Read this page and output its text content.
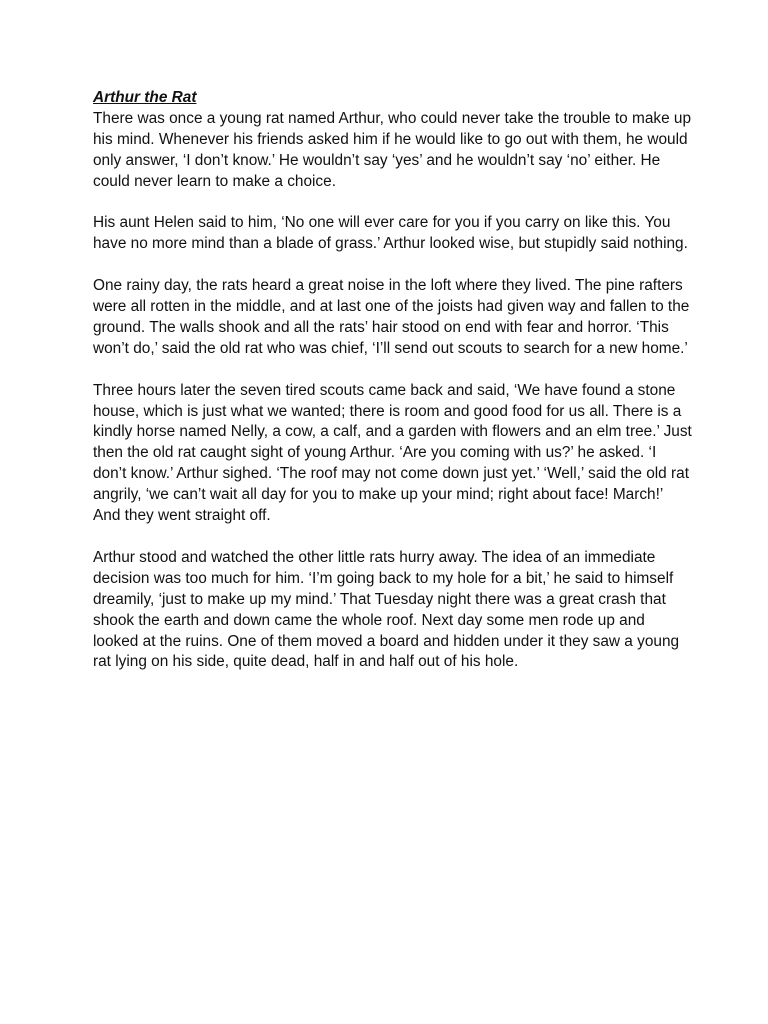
Arthur the Rat

There was once a young rat named Arthur, who could never take the trouble to make up his mind. Whenever his friends asked him if he would like to go out with them, he would only answer, ‘I don’t know.’ He wouldn’t say ‘yes’ and he wouldn’t say ‘no’ either. He could never learn to make a choice.

His aunt Helen said to him, ‘No one will ever care for you if you carry on like this. You have no more mind than a blade of grass.’ Arthur looked wise, but stupidly said nothing.

One rainy day, the rats heard a great noise in the loft where they lived. The pine rafters were all rotten in the middle, and at last one of the joists had given way and fallen to the ground. The walls shook and all the rats’ hair stood on end with fear and horror. ‘This won’t do,’ said the old rat who was chief, ‘I’ll send out scouts to search for a new home.’

Three hours later the seven tired scouts came back and said, ‘We have found a stone house, which is just what we wanted; there is room and good food for us all. There is a kindly horse named Nelly, a cow, a calf, and a garden with flowers and an elm tree.’ Just then the old rat caught sight of young Arthur. ‘Are you coming with us?’ he asked. ‘I don’t know.’ Arthur sighed. ‘The roof may not come down just yet.’ ‘Well,’ said the old rat angrily, ‘we can’t wait all day for you to make up your mind; right about face! March!’ And they went straight off.

Arthur stood and watched the other little rats hurry away. The idea of an immediate decision was too much for him. ‘I’m going back to my hole for a bit,’ he said to himself dreamily, ‘just to make up my mind.’ That Tuesday night there was a great crash that shook the earth and down came the whole roof. Next day some men rode up and looked at the ruins. One of them moved a board and hidden under it they saw a young rat lying on his side, quite dead, half in and half out of his hole.
